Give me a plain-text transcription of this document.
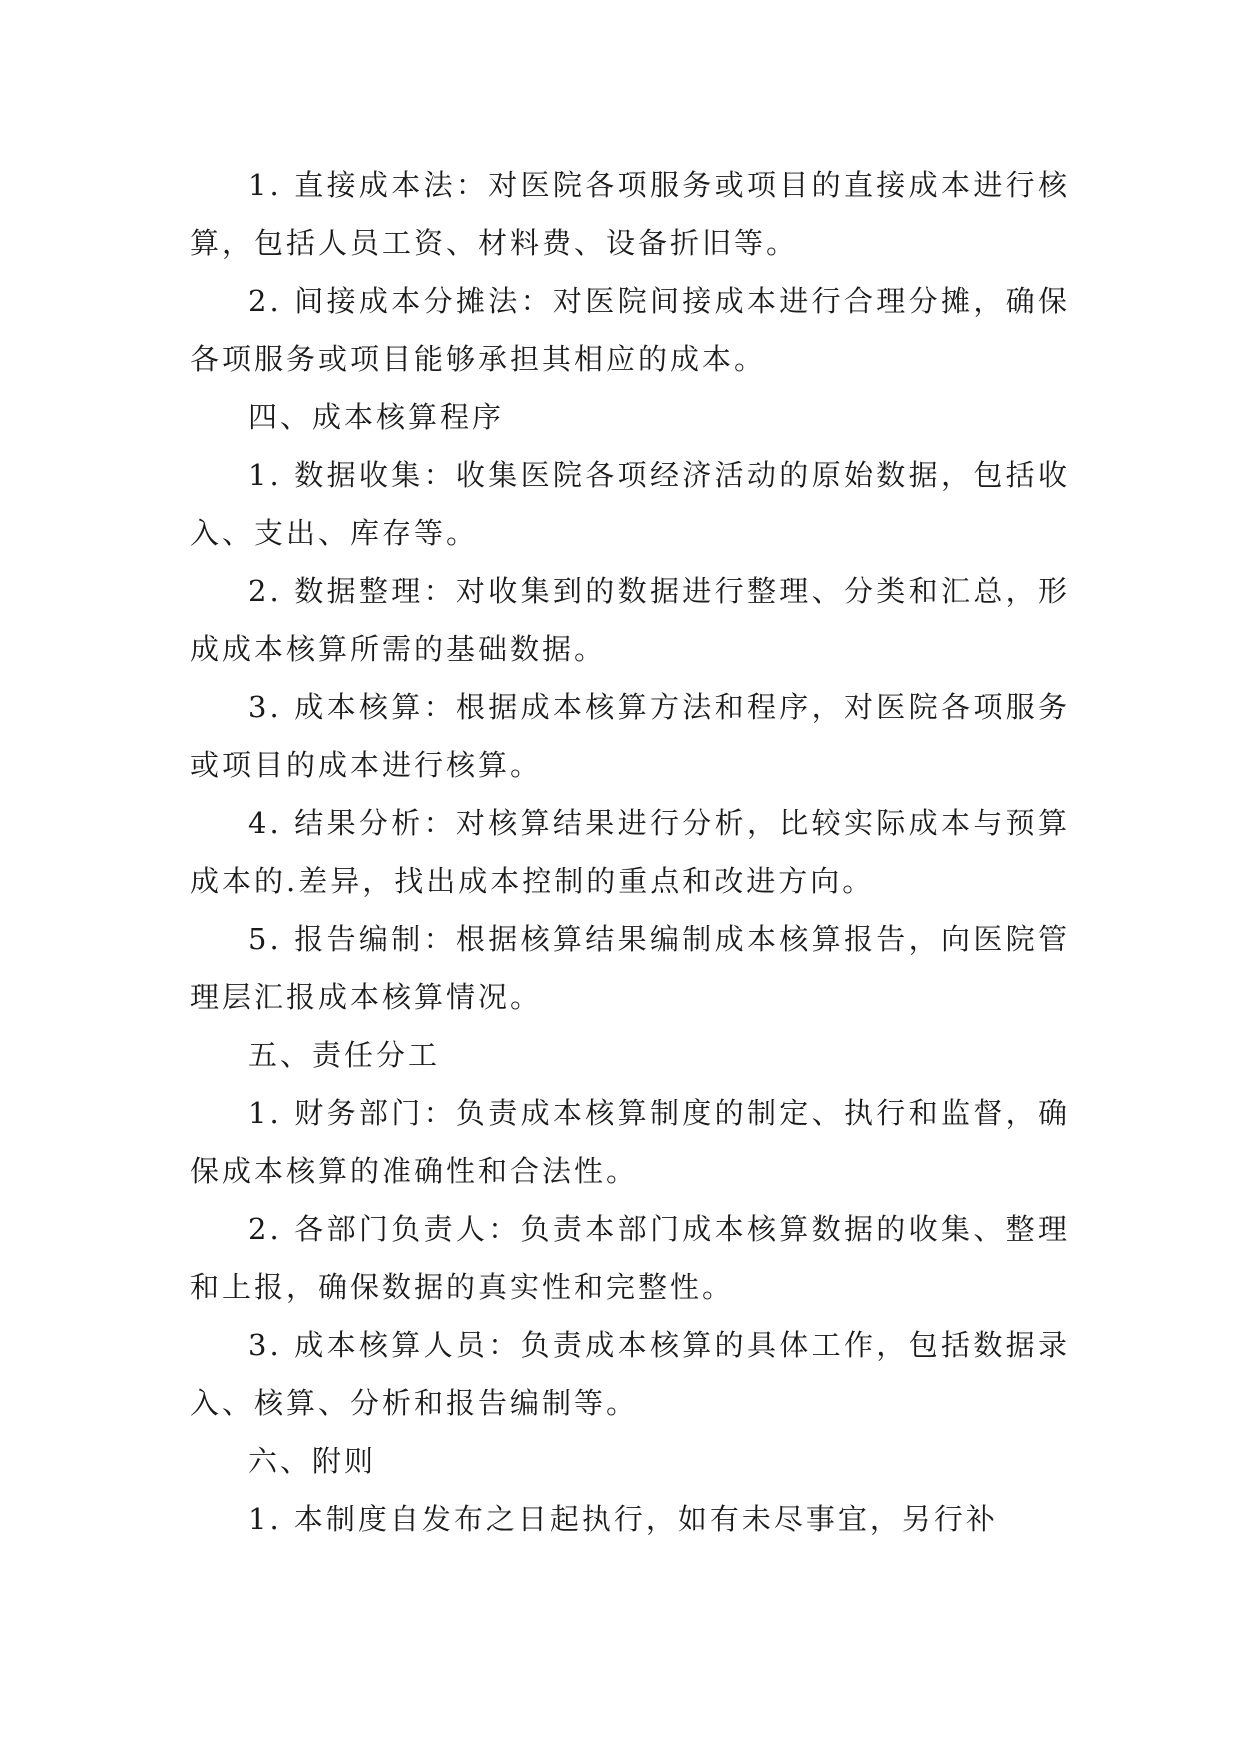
1. 直接成本法：对医院各项服务或项目的直接成本进行核算，包括人员工资、材料费、设备折旧等。

2. 间接成本分摊法：对医院间接成本进行合理分摊，确保各项服务或项目能够承担其相应的成本。

四、成本核算程序

1. 数据收集：收集医院各项经济活动的原始数据，包括收入、支出、库存等。

2. 数据整理：对收集到的数据进行整理、分类和汇总，形成成本核算所需的基础数据。

3. 成本核算：根据成本核算方法和程序，对医院各项服务或项目的成本进行核算。

4. 结果分析：对核算结果进行分析，比较实际成本与预算成本的.差异，找出成本控制的重点和改进方向。

5. 报告编制：根据核算结果编制成本核算报告，向医院管理层汇报成本核算情况。

五、责任分工

1. 财务部门：负责成本核算制度的制定、执行和监督，确保成本核算的准确性和合法性。

2. 各部门负责人：负责本部门成本核算数据的收集、整理和上报，确保数据的真实性和完整性。

3. 成本核算人员：负责成本核算的具体工作，包括数据录入、核算、分析和报告编制等。

六、附则

1. 本制度自发布之日起执行，如有未尽事宜，另行补
